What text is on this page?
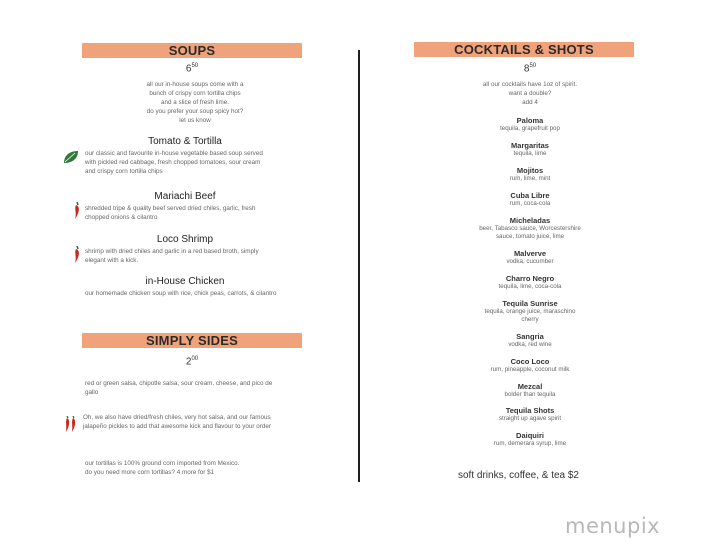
SOUPS
$6^{50}$
all our in-house soups come with a
bunch of crispy corn tortilla chips
and a slice of fresh lime.
do you prefer your soup spicy hot?
let us know
Tomato & Tortilla
our classic and favourite in-house vegetable based soup served
with pickled red cabbage, fresh chopped tomatoes, sour cream
and crispy corn tortilla chips
Mariachi Beef
shredded tripe & quality beef served dried chiles, garlic, fresh
chopped onions & cilantro
Loco Shrimp
shrimp with dried chiles and garlic in a red based broth, simply
elegant with a kick.
in-House Chicken
our homemade chicken soup with rice, chick peas, carrots, & cilantro
SIMPLY SIDES
$2^{00}$
red or green salsa, chipotle salsa, sour cream, cheese, and pico de
gallo
Oh, we also have dried/fresh chiles, very hot salsa, and our famous
jalapeño pickles to add that awesome kick and flavour to your order
our tortillas is 100% ground corn imported from Mexico.
do you need more corn tortillas? 4 more for $1
COCKTAILS & SHOTS
$8^{50}$
all our cocktails have 1oz of spirit.
want a double?
add 4
Paloma
tequila, grapefruit pop
Margaritas
tequila, lime
Mojitos
rum, lime, mint
Cuba Libre
rum, coca-cola
Micheladas
beer, Tabasco sauce, Worcestershire
sauce, tomato juice, lime
Malverve
vodka, cucumber
Charro Negro
tequila, lime, coca-cola
Tequila Sunrise
tequila, orange juice, maraschino
cherry
Sangria
vodka, red wine
Coco Loco
rum, pineapple, coconut milk
Mezcal
bolder than tequila
Tequila Shots
straight up agave spirit
Daiquiri
rum, demerara syrup, lime
soft drinks, coffee, & tea $2
menupix
